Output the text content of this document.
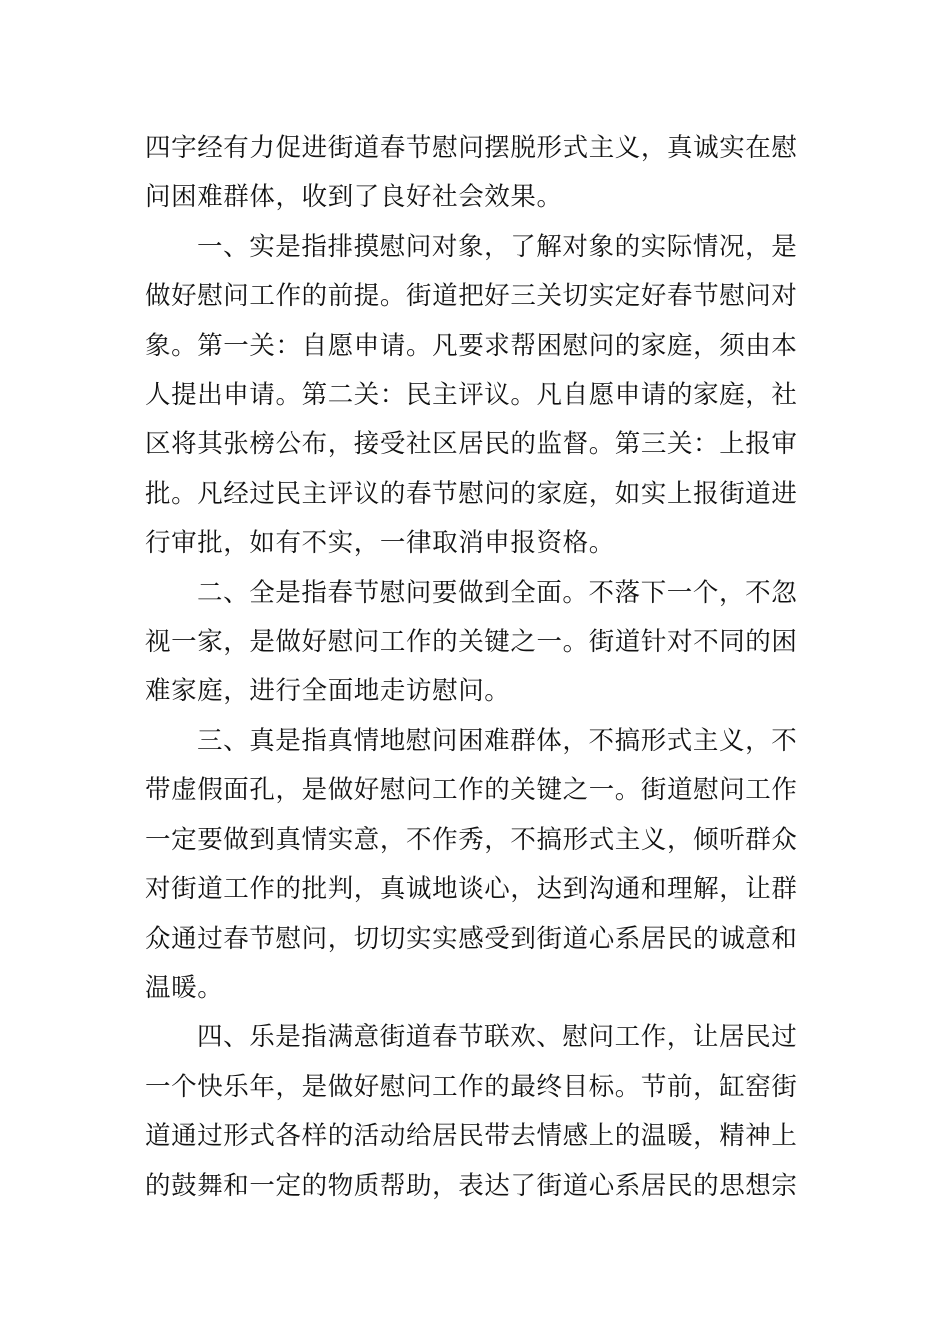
四字经有力促进街道春节慰问摆脱形式主义，真诚实在慰
问困难群体，收到了良好社会效果。

一、实是指排摸慰问对象，了解对象的实际情况，是
做好慰问工作的前提。街道把好三关切实定好春节慰问对
象。第一关：自愿申请。凡要求帮困慰问的家庭，须由本
人提出申请。第二关：民主评议。凡自愿申请的家庭，社
区将其张榜公布，接受社区居民的监督。第三关：上报审
批。凡经过民主评议的春节慰问的家庭，如实上报街道进
行审批，如有不实，一律取消申报资格。

二、全是指春节慰问要做到全面。不落下一个，不忽
视一家，是做好慰问工作的关键之一。街道针对不同的困
难家庭，进行全面地走访慰问。

三、真是指真情地慰问困难群体，不搞形式主义，不
带虚假面孔，是做好慰问工作的关键之一。街道慰问工作
一定要做到真情实意，不作秀，不搞形式主义，倾听群众
对街道工作的批判，真诚地谈心，达到沟通和理解，让群
众通过春节慰问，切切实实感受到街道心系居民的诚意和
温暖。

四、乐是指满意街道春节联欢、慰问工作，让居民过
一个快乐年，是做好慰问工作的最终目标。节前，缸窑街
道通过形式各样的活动给居民带去情感上的温暖，精神上
的鼓舞和一定的物质帮助，表达了街道心系居民的思想宗
